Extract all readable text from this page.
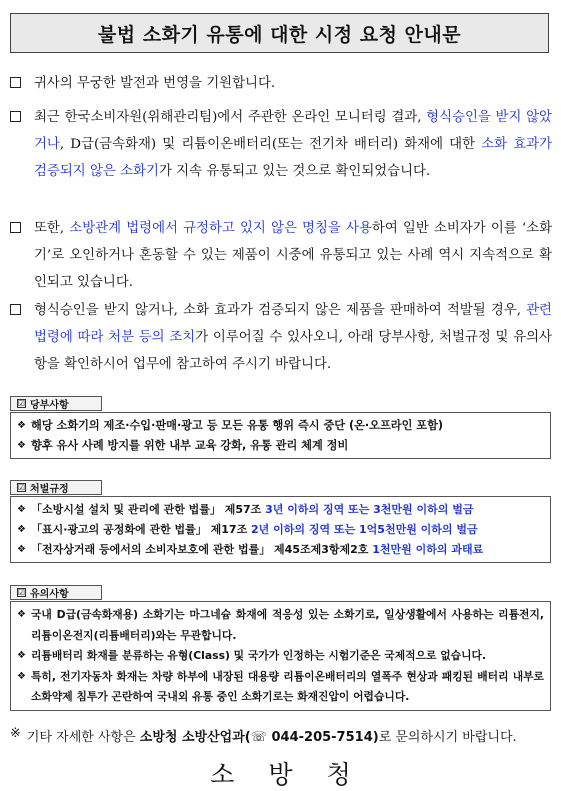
불법 소화기 유통에 대한 시정 요청 안내문
귀사의 무궁한 발전과 번영을 기원합니다.
최근 한국소비자원(위해관리팀)에서 주관한 온라인 모니터링 결과, 형식승인을 받지 않았거나, D급(금속화재) 및 리튬이온배터리(또는 전기차 배터리) 화재에 대한 소화 효과가 검증되지 않은 소화기가 지속 유통되고 있는 것으로 확인되었습니다.
또한, 소방관계 법령에서 규정하고 있지 않은 명칭을 사용하여 일반 소비자가 이를 ‘소화기’로 오인하거나 혼동할 수 있는 제품이 시중에 유통되고 있는 사례 역시 지속적으로 확인되고 있습니다.
형식승인을 받지 않거나, 소화 효과가 검증되지 않은 제품을 판매하여 적발될 경우, 관련 법령에 따라 처분 등의 조치가 이루어질 수 있사오니, 아래 당부사항, 처벌규정 및 유의사항을 확인하시어 업무에 참고하여 주시기 바랍니다.
☑ 당부사항
❖ 해당 소화기의 제조·수입·판매·광고 등 모든 유통 행위 즉시 중단 (온·오프라인 포함)
❖ 향후 유사 사례 방지를 위한 내부 교육 강화, 유통 관리 체계 정비
☑ 처벌규정
❖ 「소방시설 설치 및 관리에 관한 법률」 제57조 3년 이하의 징역 또는 3천만원 이하의 벌금
❖ 「표시·광고의 공정화에 관한 법률」 제17조 2년 이하의 징역 또는 1억5천만원 이하의 벌금
❖ 「전자상거래 등에서의 소비자보호에 관한 법률」 제45조제3항제2호 1천만원 이하의 과태료
☑ 유의사항
❖ 국내 D급(금속화재용) 소화기는 마그네슘 화재에 적응성 있는 소화기로, 일상생활에서 사용하는 리튬전지, 리튬이온전지(리튬배터리)와는 무관합니다.
❖ 리튬배터리 화재를 분류하는 유형(Class) 및 국가가 인정하는 시험기준은 국제적으로 없습니다.
❖ 특히, 전기자동차 화재는 차량 하부에 내장된 대용량 리튬이온배터리의 열폭주 현상과 패킹된 배터리 내부로 소화약제 침투가 곤란하여 국내외 유통 중인 소화기로는 화재진압이 어렵습니다.
※ 기타 자세한 사항은 소방청 소방산업과(☏ 044-205-7514)로 문의하시기 바랍니다.
소방청
